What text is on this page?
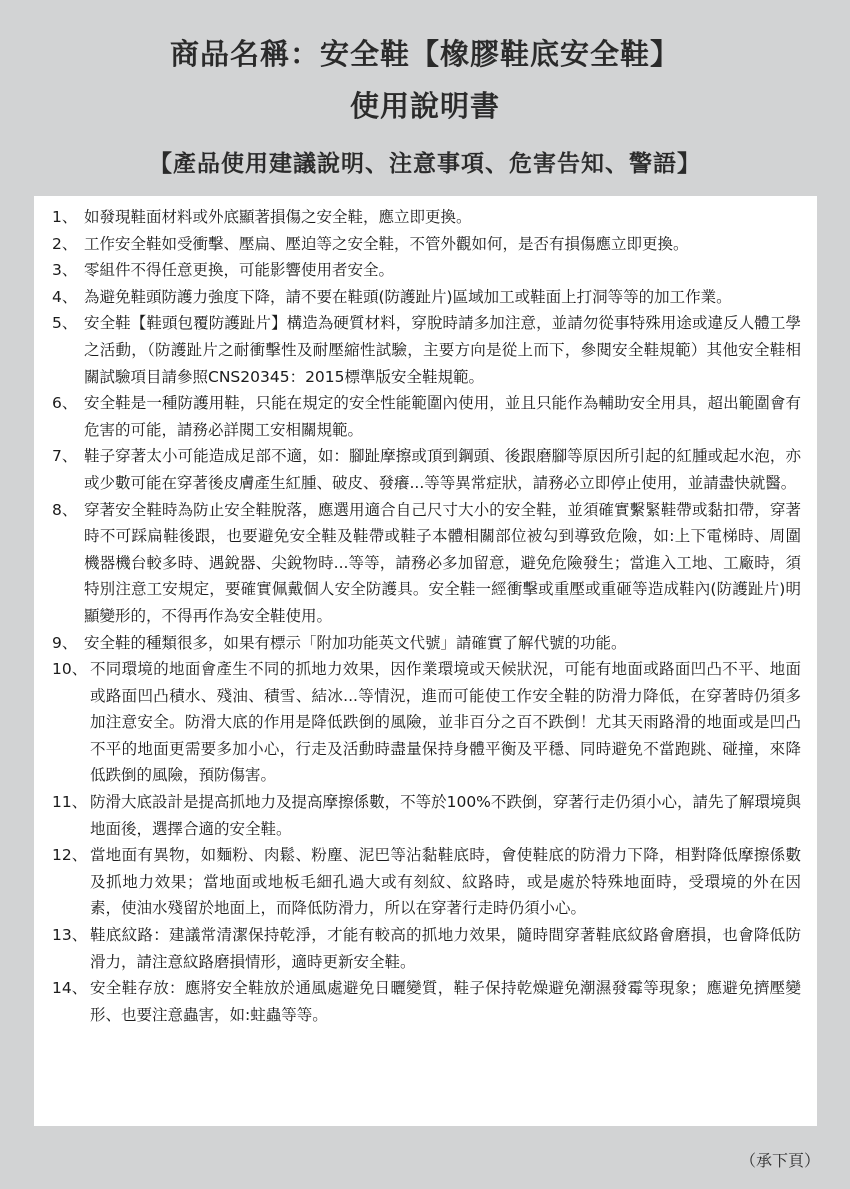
商品名稱：安全鞋【橡膠鞋底安全鞋】
使用說明書
【產品使用建議說明、注意事項、危害告知、警語】
1、 如發現鞋面材料或外底顯著損傷之安全鞋，應立即更換。
2、 工作安全鞋如受衝擊、壓扁、壓迫等之安全鞋，不管外觀如何，是否有損傷應立即更換。
3、 零組件不得任意更換，可能影響使用者安全。
4、 為避免鞋頭防護力強度下降，請不要在鞋頭(防護趾片)區域加工或鞋面上打洞等等的加工作業。
5、 安全鞋【鞋頭包覆防護趾片】構造為硬質材料，穿脫時請多加注意，並請勿從事特殊用途或違反人體工學之活動，（防護趾片之耐衝擊性及耐壓縮性試驗，主要方向是從上而下，參閱安全鞋規範）其他安全鞋相關試驗項目請參照CNS20345：2015標準版安全鞋規範。
6、 安全鞋是一種防護用鞋，只能在規定的安全性能範圍內使用，並且只能作為輔助安全用具，超出範圍會有危害的可能，請務必詳閱工安相關規範。
7、 鞋子穿著太小可能造成足部不適，如：腳趾摩擦或頂到鋼頭、後跟磨腳等原因所引起的紅腫或起水泡，亦或少數可能在穿著後皮膚產生紅腫、破皮、發癢...等等異常症狀，請務必立即停止使用，並請盡快就醫。
8、 穿著安全鞋時為防止安全鞋脫落，應選用適合自己尺寸大小的安全鞋，並須確實繫緊鞋帶或黏扣帶，穿著時不可踩扁鞋後跟，也要避免安全鞋及鞋帶或鞋子本體相關部位被勾到導致危險，如:上下電梯時、周圍機器機台較多時、遇銳器、尖銳物時...等等，請務必多加留意，避免危險發生；當進入工地、工廠時，須特別注意工安規定，要確實佩戴個人安全防護具。安全鞋一經衝擊或重壓或重砸等造成鞋內(防護趾片)明顯變形的，不得再作為安全鞋使用。
9、 安全鞋的種類很多，如果有標示「附加功能英文代號」請確實了解代號的功能。
10、 不同環境的地面會產生不同的抓地力效果，因作業環境或天候狀況，可能有地面或路面凹凸不平、地面或路面凹凸積水、殘油、積雪、結冰...等情況，進而可能使工作安全鞋的防滑力降低，在穿著時仍須多加注意安全。防滑大底的作用是降低跌倒的風險，並非百分之百不跌倒！尤其天雨路滑的地面或是凹凸不平的地面更需要多加小心，行走及活動時盡量保持身體平衡及平穩、同時避免不當跑跳、碰撞，來降低跌倒的風險，預防傷害。
11、 防滑大底設計是提高抓地力及提高摩擦係數，不等於100%不跌倒，穿著行走仍須小心，請先了解環境與地面後，選擇合適的安全鞋。
12、 當地面有異物，如麵粉、肉鬆、粉塵、泥巴等沾黏鞋底時，會使鞋底的防滑力下降，相對降低摩擦係數及抓地力效果；當地面或地板毛細孔過大或有刻紋、紋路時，或是處於特殊地面時，受環境的外在因素，使油水殘留於地面上，而降低防滑力，所以在穿著行走時仍須小心。
13、 鞋底紋路：建議常清潔保持乾淨，才能有較高的抓地力效果，隨時間穿著鞋底紋路會磨損，也會降低防滑力，請注意紋路磨損情形，適時更新安全鞋。
14、 安全鞋存放：應將安全鞋放於通風處避免日曬變質，鞋子保持乾燥避免潮濕發霉等現象；應避免擠壓變形、也要注意蟲害，如:蛀蟲等等。
（承下頁）
